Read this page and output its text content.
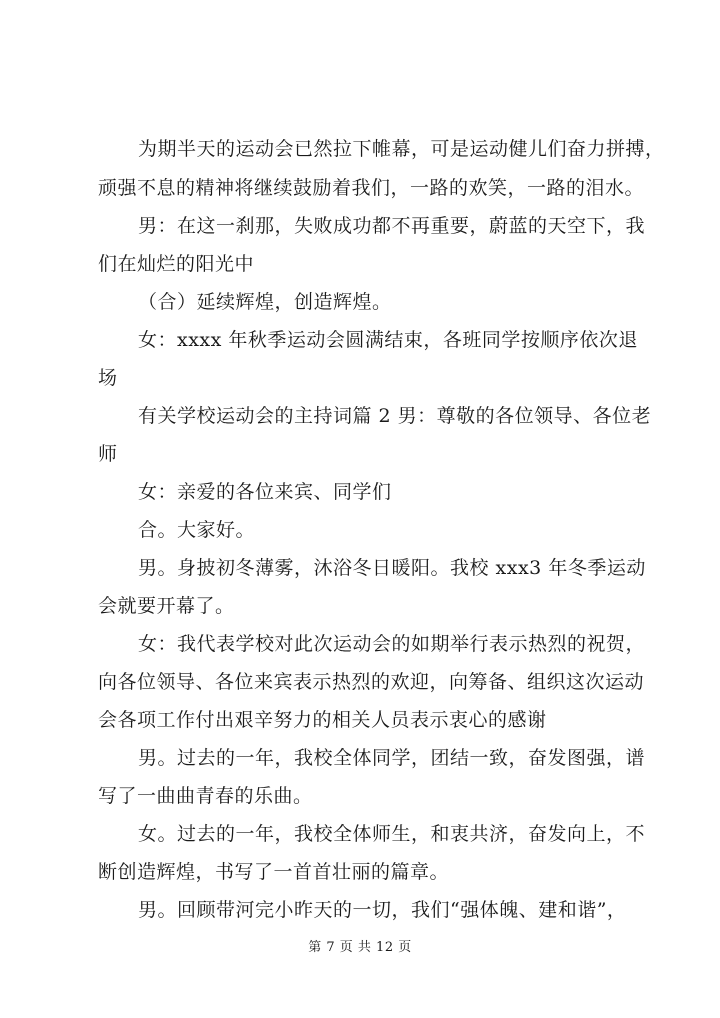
为期半天的运动会已然拉下帷幕，可是运动健儿们奋力拼搏，
顽强不息的精神将继续鼓励着我们，一路的欢笑，一路的泪水。
男：在这一刹那，失败成功都不再重要，蔚蓝的天空下，我
们在灿烂的阳光中
（合）延续辉煌，创造辉煌。
女：xxxx 年秋季运动会圆满结束，各班同学按顺序依次退
场
有关学校运动会的主持词篇 2 男：尊敬的各位领导、各位老
师
女：亲爱的各位来宾、同学们
合。大家好。
男。身披初冬薄雾，沐浴冬日暖阳。我校 xxx3 年冬季运动
会就要开幕了。
女：我代表学校对此次运动会的如期举行表示热烈的祝贺，
向各位领导、各位来宾表示热烈的欢迎，向筹备、组织这次运动
会各项工作付出艰辛努力的相关人员表示衷心的感谢
男。过去的一年，我校全体同学，团结一致，奋发图强，谱
写了一曲曲青春的乐曲。
女。过去的一年，我校全体师生，和衷共济，奋发向上，不
断创造辉煌，书写了一首首壮丽的篇章。
男。回顾带河完小昨天的一切，我们“强体魄、建和谐”，
第 7 页 共 12 页
